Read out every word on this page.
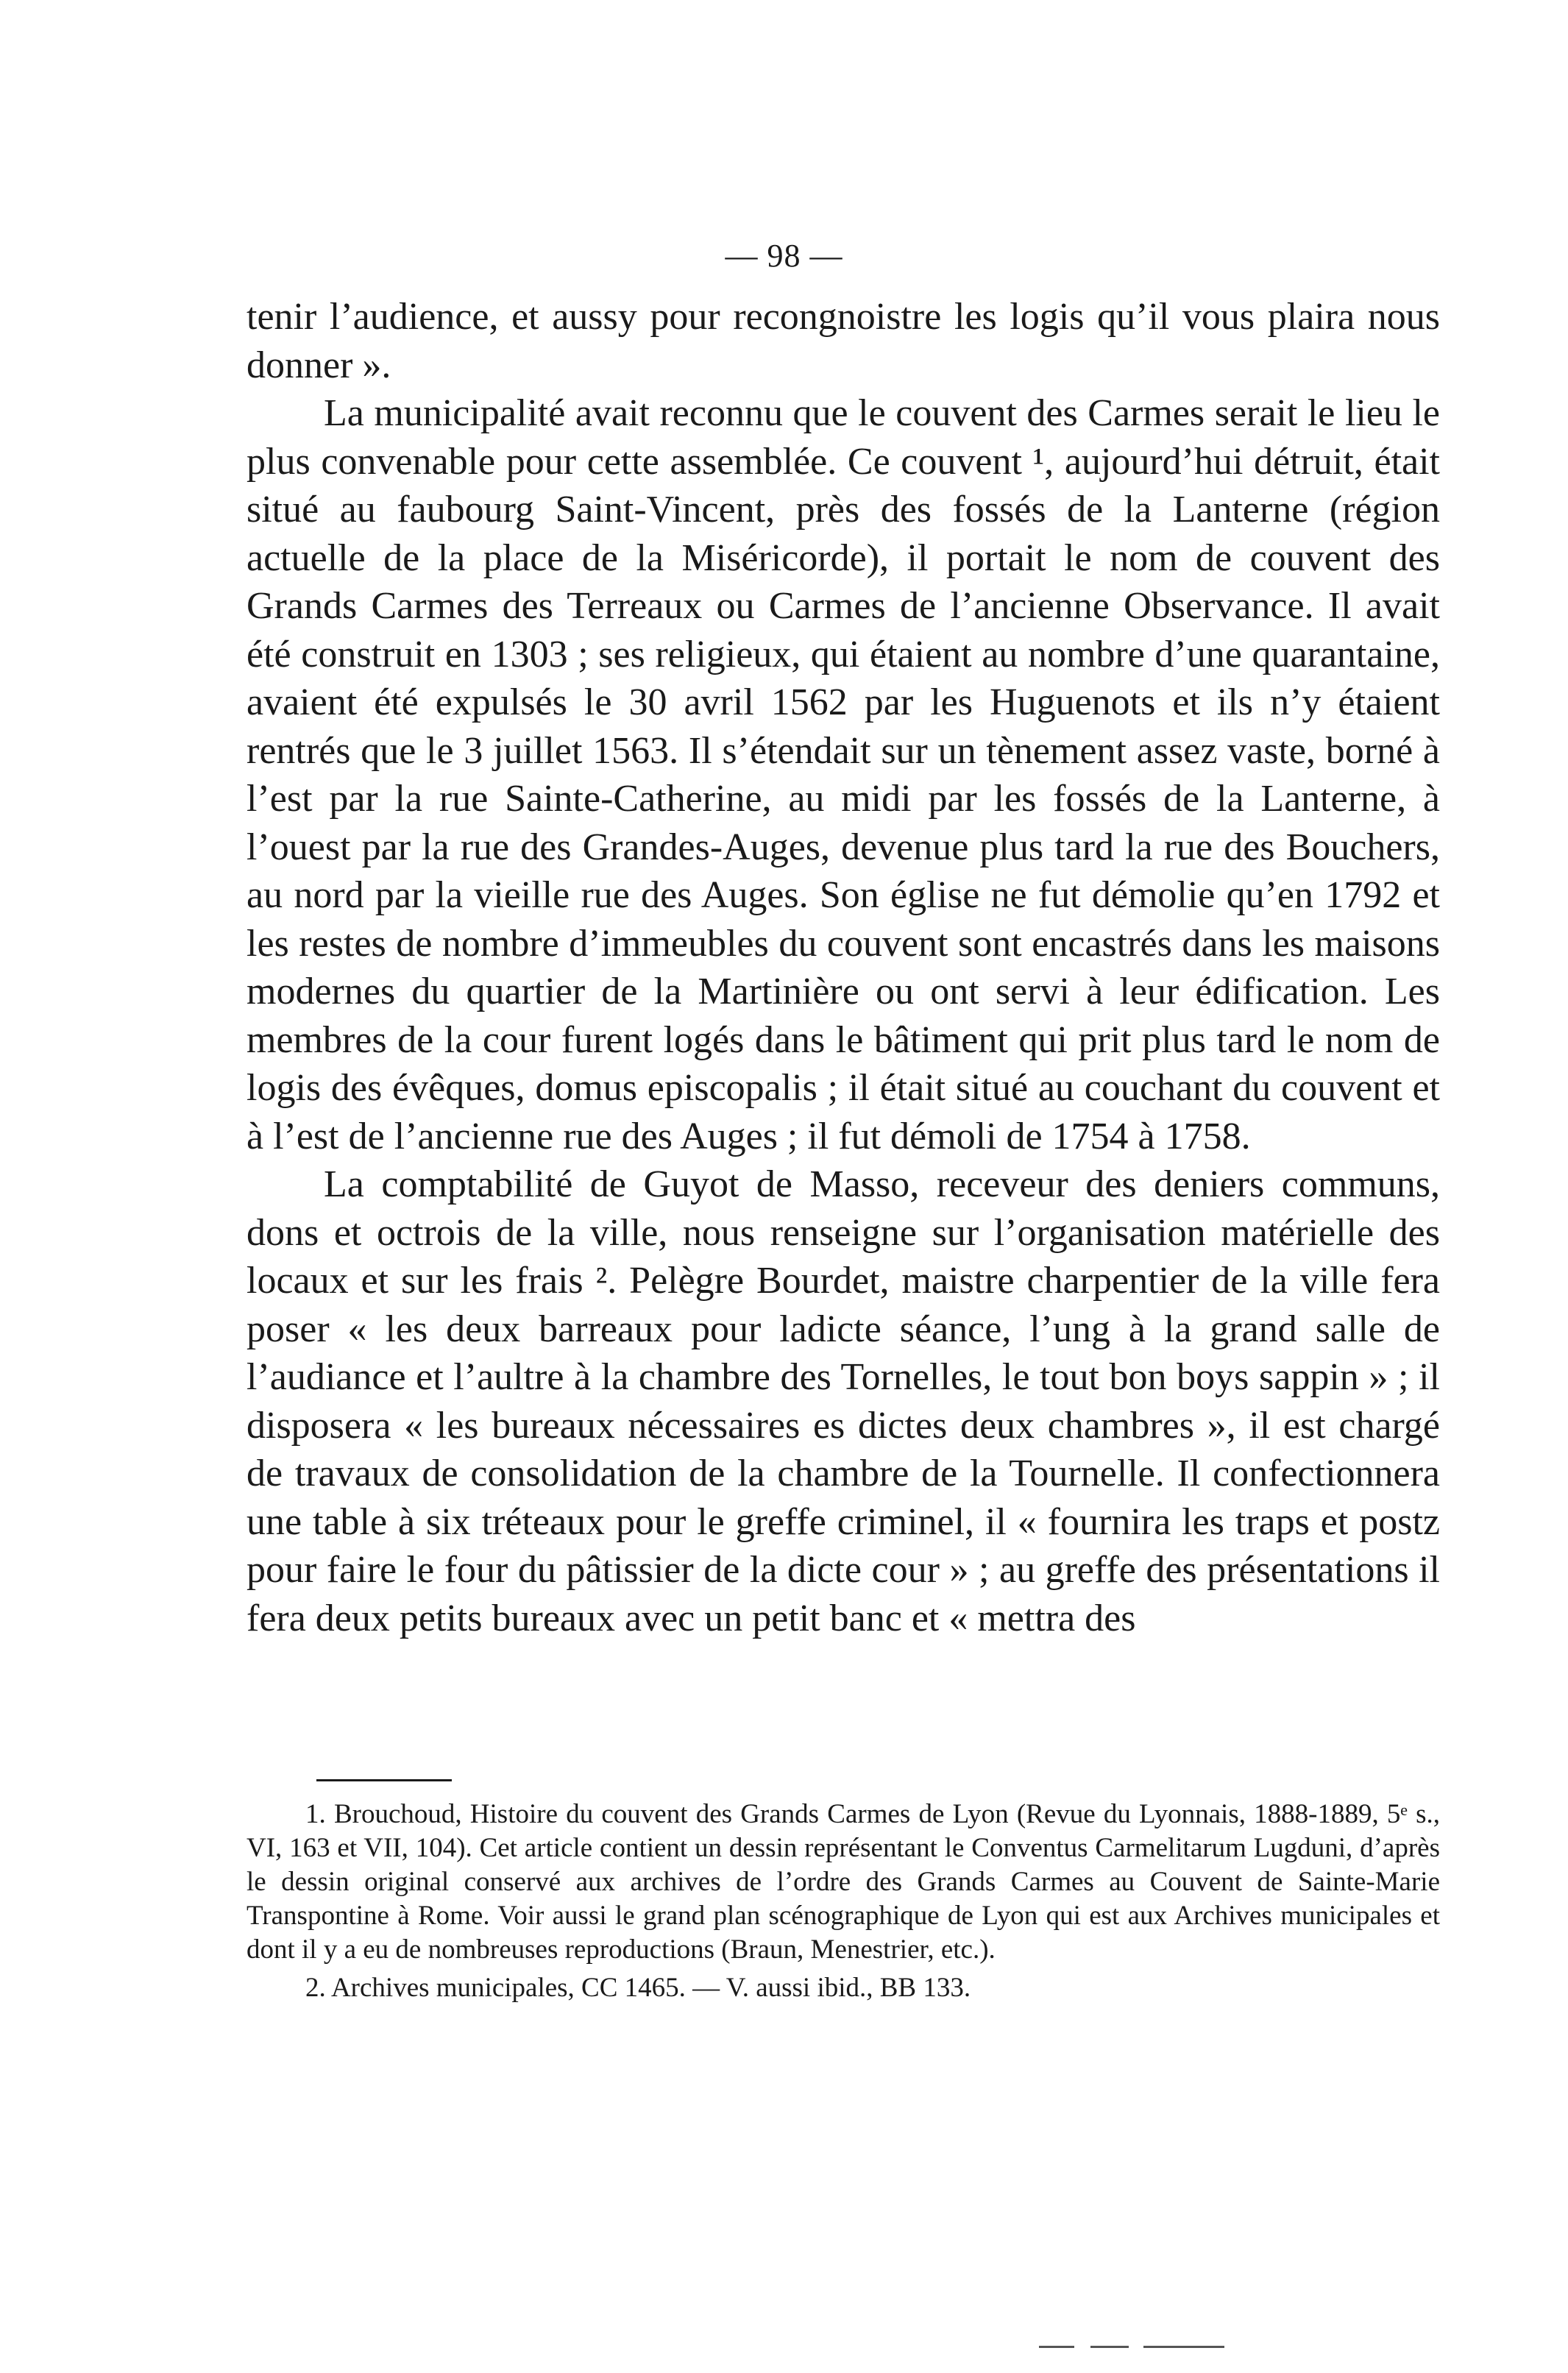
— 98 —

tenir l’audience, et aussy pour recongnoistre les logis qu’il vous plaira nous donner ».

La municipalité avait reconnu que le couvent des Carmes serait le lieu le plus convenable pour cette assemblée. Ce couvent ¹, aujourd’hui détruit, était situé au faubourg Saint-Vincent, près des fossés de la Lanterne (région actuelle de la place de la Miséricorde), il portait le nom de couvent des Grands Carmes des Terreaux ou Carmes de l’ancienne Observance. Il avait été construit en 1303 ; ses religieux, qui étaient au nombre d’une quarantaine, avaient été expulsés le 30 avril 1562 par les Huguenots et ils n’y étaient rentrés que le 3 juillet 1563. Il s’étendait sur un tènement assez vaste, borné à l’est par la rue Sainte-Catherine, au midi par les fossés de la Lanterne, à l’ouest par la rue des Grandes-Auges, devenue plus tard la rue des Bouchers, au nord par la vieille rue des Auges. Son église ne fut démolie qu’en 1792 et les restes de nombre d’immeubles du couvent sont encastrés dans les maisons modernes du quartier de la Martinière ou ont servi à leur édification. Les membres de la cour furent logés dans le bâtiment qui prit plus tard le nom de logis des évêques, domus episcopalis ; il était situé au couchant du couvent et à l’est de l’ancienne rue des Auges ; il fut démoli de 1754 à 1758.

La comptabilité de Guyot de Masso, receveur des deniers communs, dons et octrois de la ville, nous renseigne sur l’organisation matérielle des locaux et sur les frais ². Pelègre Bourdet, maistre charpentier de la ville fera poser « les deux barreaux pour ladicte séance, l’ung à la grand salle de l’audiance et l’aultre à la chambre des Tornelles, le tout bon boys sappin » ; il disposera « les bureaux nécessaires es dictes deux chambres », il est chargé de travaux de consolidation de la chambre de la Tournelle. Il confectionnera une table à six tréteaux pour le greffe criminel, il « fournira les traps et postz pour faire le four du pâtissier de la dicte cour » ; au greffe des présentations il fera deux petits bureaux avec un petit banc et « mettra des

1. Brouchoud, Histoire du couvent des Grands Carmes de Lyon (Revue du Lyonnais, 1888-1889, 5ᵉ s., VI, 163 et VII, 104). Cet article contient un dessin représentant le Conventus Carmelitarum Lugduni, d’après le dessin original conservé aux archives de l’ordre des Grands Carmes au Couvent de Sainte-Marie Transpontine à Rome. Voir aussi le grand plan scénographique de Lyon qui est aux Archives municipales et dont il y a eu de nombreuses reproductions (Braun, Menestrier, etc.).

2. Archives municipales, CC 1465. — V. aussi ibid., BB 133.
